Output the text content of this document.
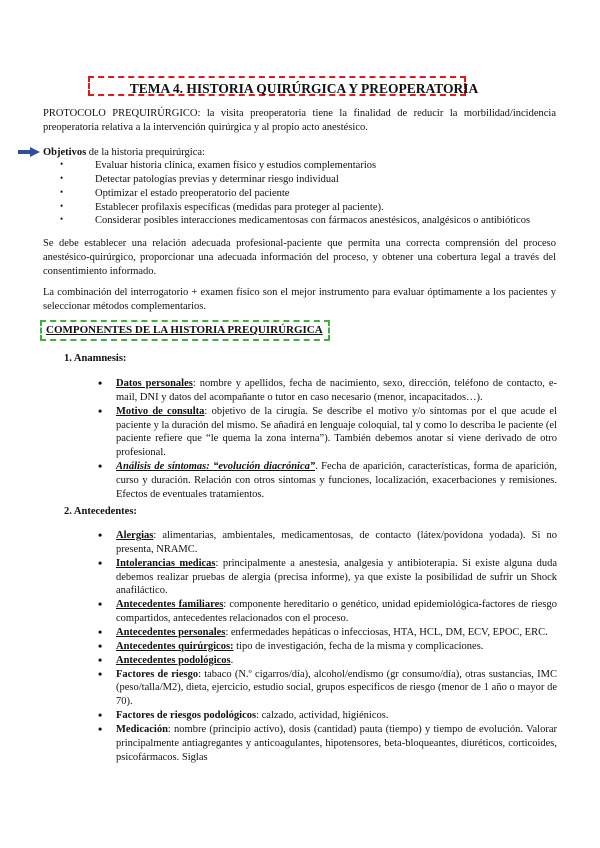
TEMA 4. HISTORIA QUIRÚRGICA Y PREOPERATORIA

PROTOCOLO PREQUIRÚRGICO: la visita preoperatoria tiene la finalidad de reducir la morbilidad/incidencia preoperatoria relativa a la intervención quirúrgica y al propio acto anestésico.

Objetivos de la historia prequirúrgica:

• Evaluar historia clínica, examen físico y estudios complementarios
• Detectar patologías previas y determinar riesgo individual
• Optimizar el estado preoperatorio del paciente
• Establecer profilaxis específicas (medidas para proteger al paciente).
• Considerar posibles interacciones medicamentosas con fármacos anestésicos, analgésicos o antibióticos

Se debe establecer una relación adecuada profesional-paciente que permita una correcta comprensión del proceso anestésico-quirúrgico, proporcionar una adecuada información del proceso, y obtener una cobertura legal a través del consentimiento informado.

La combinación del interrogatorio + examen físico son el mejor instrumento para evaluar óptimamente a los pacientes y seleccionar métodos complementarios.

COMPONENTES DE LA HISTORIA PREQUIRÚRGICA
1. Anamnesis:
• Datos personales: nombre y apellidos, fecha de nacimiento, sexo, dirección, teléfono de contacto, e-mail, DNI y datos del acompañante o tutor en caso necesario (menor, incapacitados…).
• Motivo de consulta: objetivo de la cirugía. Se describe el motivo y/o síntomas por el que acude el paciente y la duración del mismo. Se añadirá en lenguaje coloquial, tal y como lo describa le paciente (el paciente refiere que “le quema la zona interna”). También debemos anotar si viene derivado de otro profesional.
• Análisis de síntomas: “evolución diacrónica”. Fecha de aparición, características, forma de aparición, curso y duración. Relación con otros síntomas y funciones, localización, exacerbaciones y remisiones. Efectos de eventuales tratamientos.
2. Antecedentes:
• Alergias: alimentarias, ambientales, medicamentosas, de contacto (látex/povidona yodada). Si no presenta, NRAMC.
• Intolerancias medicas: principalmente a anestesia, analgesia y antibioterapia. Si existe alguna duda debemos realizar pruebas de alergia (precisa informe), ya que existe la posibilidad de sufrir un Shock anafiláctico.
• Antecedentes familiares: componente hereditario o genético, unidad epidemiológica-factores de riesgo compartidos, antecedentes relacionados con el proceso.
• Antecedentes personales: enfermedades hepáticas o infecciosas, HTA, HCL, DM, ECV, EPOC, ERC.
• Antecedentes quirúrgicos: tipo de investigación, fecha de la misma y complicaciones.
• Antecedentes podológicos.
• Factores de riesgo: tabaco (N.º cigarros/día), alcohol/endismo (gr consumo/día), otras sustancias, IMC (peso/talla/M2), dieta, ejercicio, estudio social, grupos específicos de riesgo (menor de 1 año o mayor de 70).
• Factores de riesgos podológicos: calzado, actividad, higiénicos.
• Medicación: nombre (principio activo), dosis (cantidad) pauta (tiempo) y tiempo de evolución. Valorar principalmente antiagregantes y anticoagulantes, hipotensores, beta-bloqueantes, diuréticos, corticoides, psicofármacos. Siglas
